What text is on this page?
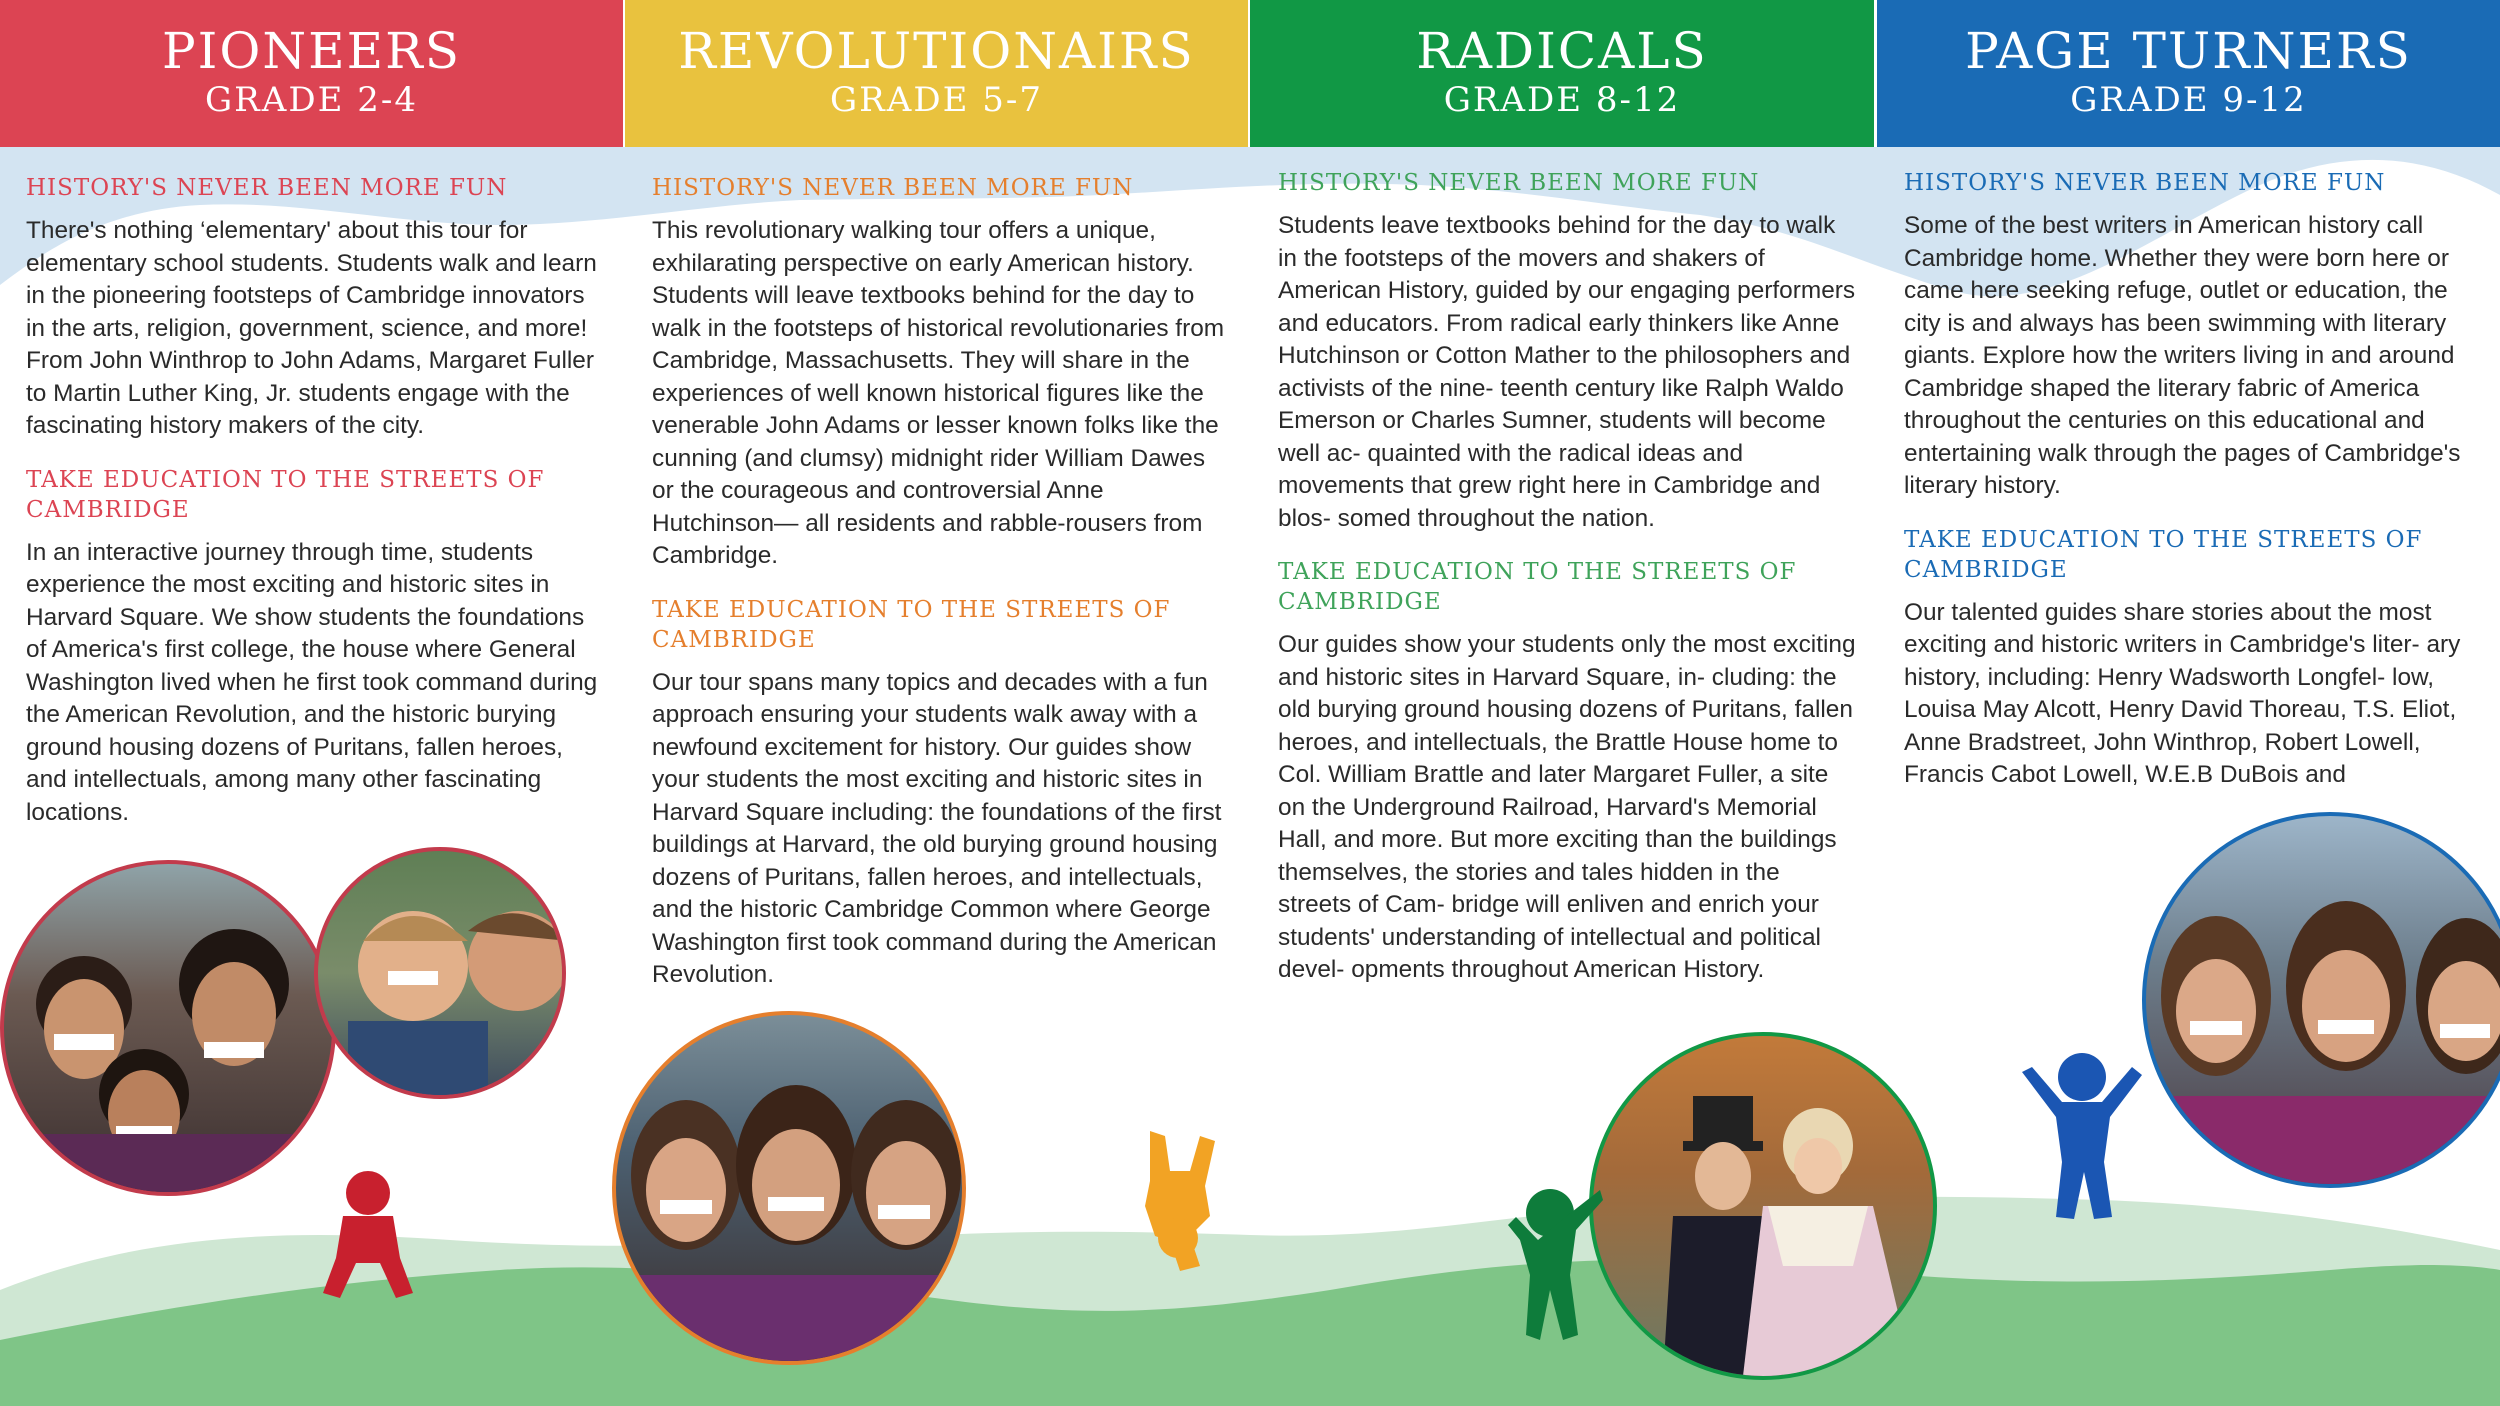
PIONEERS
GRADE 2-4
REVOLUTIONAIRS
GRADE 5-7
RADICALS
GRADE 8-12
PAGE TURNERS
GRADE 9-12
HISTORY'S NEVER BEEN MORE FUN

There's nothing ‘elementary' about this tour for elementary school students. Students walk and learn in the pioneering footsteps of Cambridge innovators in the arts, religion, government, science, and more! From John Winthrop to John Adams, Margaret Fuller to Martin Luther King, Jr. students engage with the fascinating history makers of the city.

TAKE EDUCATION TO THE STREETS OF CAMBRIDGE

In an interactive journey through time, students experience the most exciting and historic sites in Harvard Square. We show students the foundations of America's first college, the house where General Washington lived when he first took command during the American Revolution, and the historic burying ground housing dozens of Puritans, fallen heroes, and intellectuals, among many other fascinating locations.

HISTORY'S NEVER BEEN MORE FUN

This revolutionary walking tour offers a unique, exhilarating perspective on early American history. Students will leave textbooks behind for the day to walk in the footsteps of historical revolutionaries from Cambridge, Massachusetts. They will share in the experiences of well known historical figures like the venerable John Adams or lesser known folks like the cunning (and clumsy) midnight rider William Dawes or the courageous and controversial Anne Hutchinson— all residents and rabble-rousers from Cambridge.

TAKE EDUCATION TO THE STREETS OF CAMBRIDGE

Our tour spans many topics and decades with a fun approach ensuring your students walk away with a newfound excitement for history. Our guides show your students the most exciting and historic sites in Harvard Square including: the foundations of the first buildings at Harvard, the old burying ground housing dozens of Puritans, fallen heroes, and intellectuals, and the historic Cambridge Common where George Washington first took command during the American Revolution.

HISTORY'S NEVER BEEN MORE FUN

Students leave textbooks behind for the day to walk in the footsteps of the movers and shakers of American History, guided by our engaging performers and educators. From radical early thinkers like Anne Hutchinson or Cotton Mather to the philosophers and activists of the nine- teenth century like Ralph Waldo Emerson or Charles Sumner, students will become well ac- quainted with the radical ideas and movements that grew right here in Cambridge and blos- somed throughout the nation.

TAKE EDUCATION TO THE STREETS OF CAMBRIDGE

Our guides show your students only the most exciting and historic sites in Harvard Square, in- cluding: the old burying ground housing dozens of Puritans, fallen heroes, and intellectuals, the Brattle House home to Col. William Brattle and later Margaret Fuller, a site on the Underground Railroad, Harvard's Memorial Hall, and more. But more exciting than the buildings themselves, the stories and tales hidden in the streets of Cam- bridge will enliven and enrich your students' understanding of intellectual and political devel- opments throughout American History.

HISTORY'S NEVER BEEN MORE FUN

Some of the best writers in American history call Cambridge home. Whether they were born here or came here seeking refuge, outlet or education, the city is and always has been swimming with literary giants. Explore how the writers living in and around Cambridge shaped the literary fabric of America throughout the centuries on this educational and entertaining walk through the pages of Cambridge's literary history.

TAKE EDUCATION TO THE STREETS OF CAMBRIDGE

Our talented guides share stories about the most exciting and historic writers in Cambridge's liter- ary history, including: Henry Wadsworth Longfel- low, Louisa May Alcott, Henry David Thoreau, T.S. Eliot, Anne Bradstreet, John Winthrop, Robert Lowell, Francis Cabot Lowell, W.E.B DuBois and
